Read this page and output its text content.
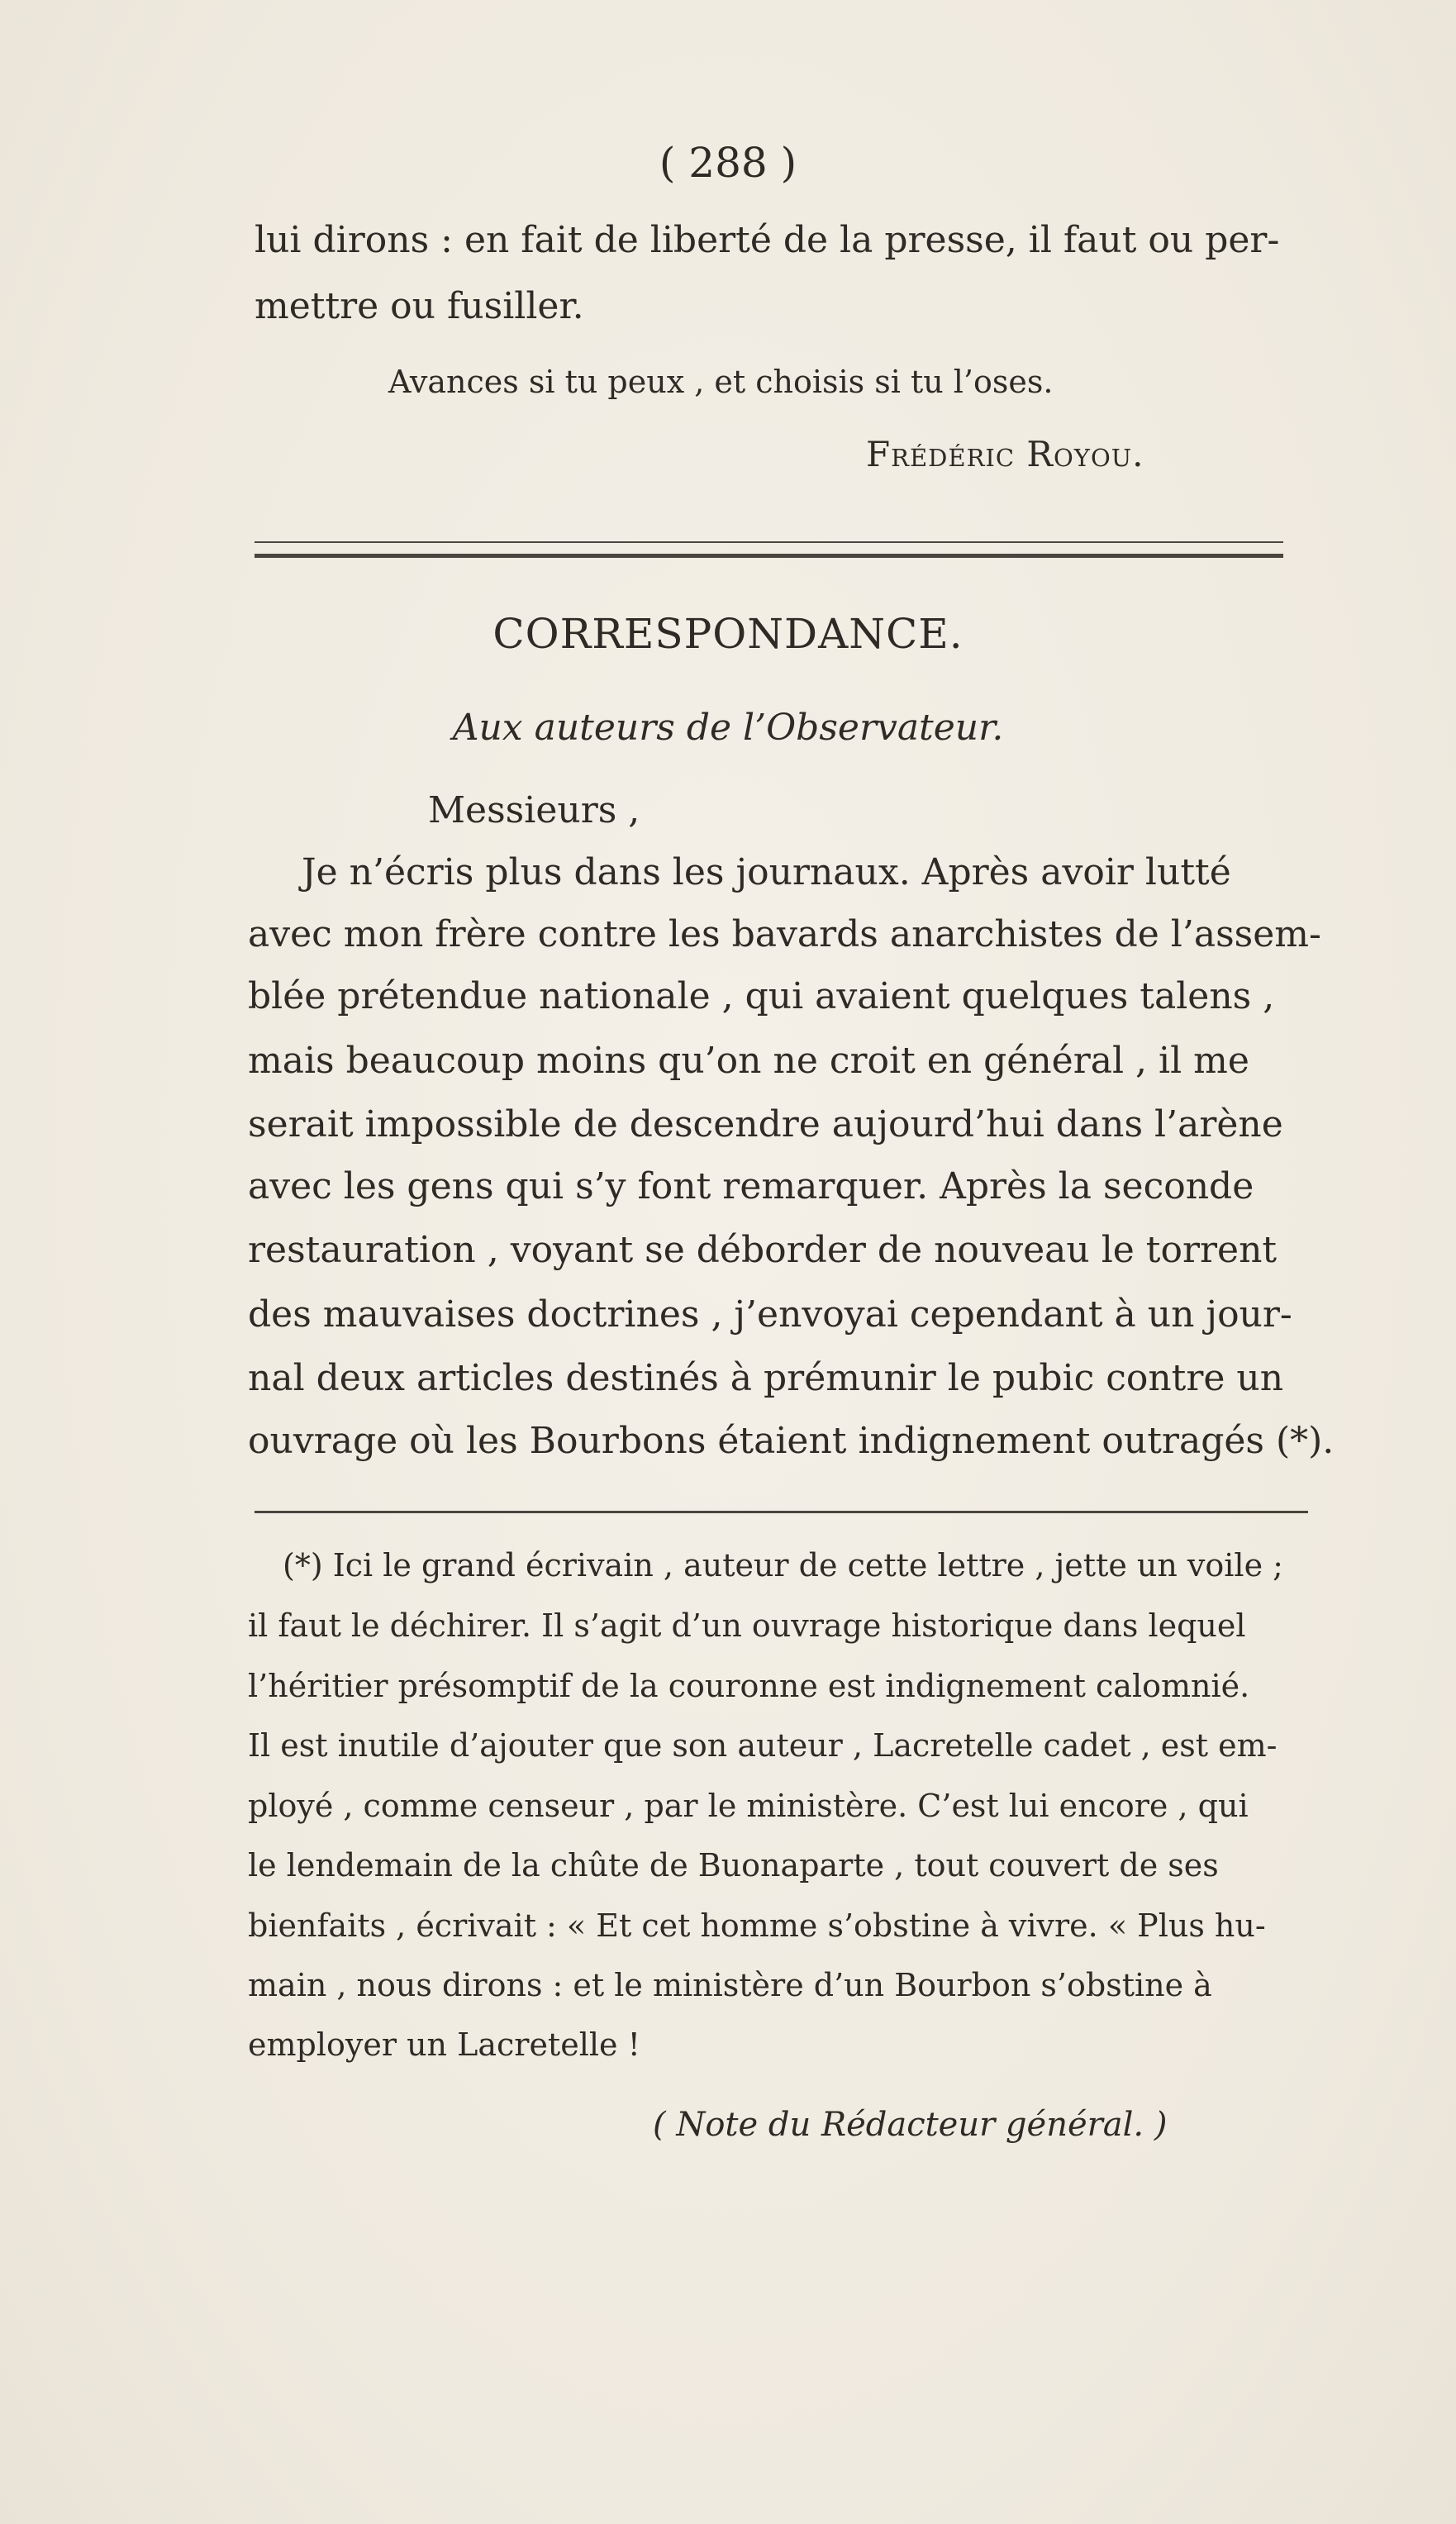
( 288 )
lui dirons : en fait de liberté de la presse, il faut ou per-
mettre ou fusiller.
Avances si tu peux , et choisis si tu l’oses.
Frédéric Royou.
CORRESPONDANCE.
Aux auteurs de l’Observateur.
Messieurs ,
Je n’écris plus dans les journaux. Après avoir lutté
avec mon frère contre les bavards anarchistes de l’assem-
blée prétendue nationale , qui avaient quelques talens ,
mais beaucoup moins qu’on ne croit en général , il me
serait impossible de descendre aujourd’hui dans l’arène
avec les gens qui s’y font remarquer. Après la seconde
restauration , voyant se déborder de nouveau le torrent
des mauvaises doctrines , j’envoyai cependant à un jour-
nal deux articles destinés à prémunir le pubic contre un
ouvrage où les Bourbons étaient indignement outragés (*).
(*) Ici le grand écrivain , auteur de cette lettre , jette un voile ;
il faut le déchirer. Il s’agit d’un ouvrage historique dans lequel
l’héritier présomptif de la couronne est indignement calomnié.
Il est inutile d’ajouter que son auteur , Lacretelle cadet , est em-
ployé , comme censeur , par le ministère. C’est lui encore , qui
le lendemain de la chûte de Buonaparte , tout couvert de ses
bienfaits , écrivait : « Et cet homme s’obstine à vivre. « Plus hu-
main , nous dirons : et le ministère d’un Bourbon s’obstine à
employer un Lacretelle !
( Note du Rédacteur général. )
